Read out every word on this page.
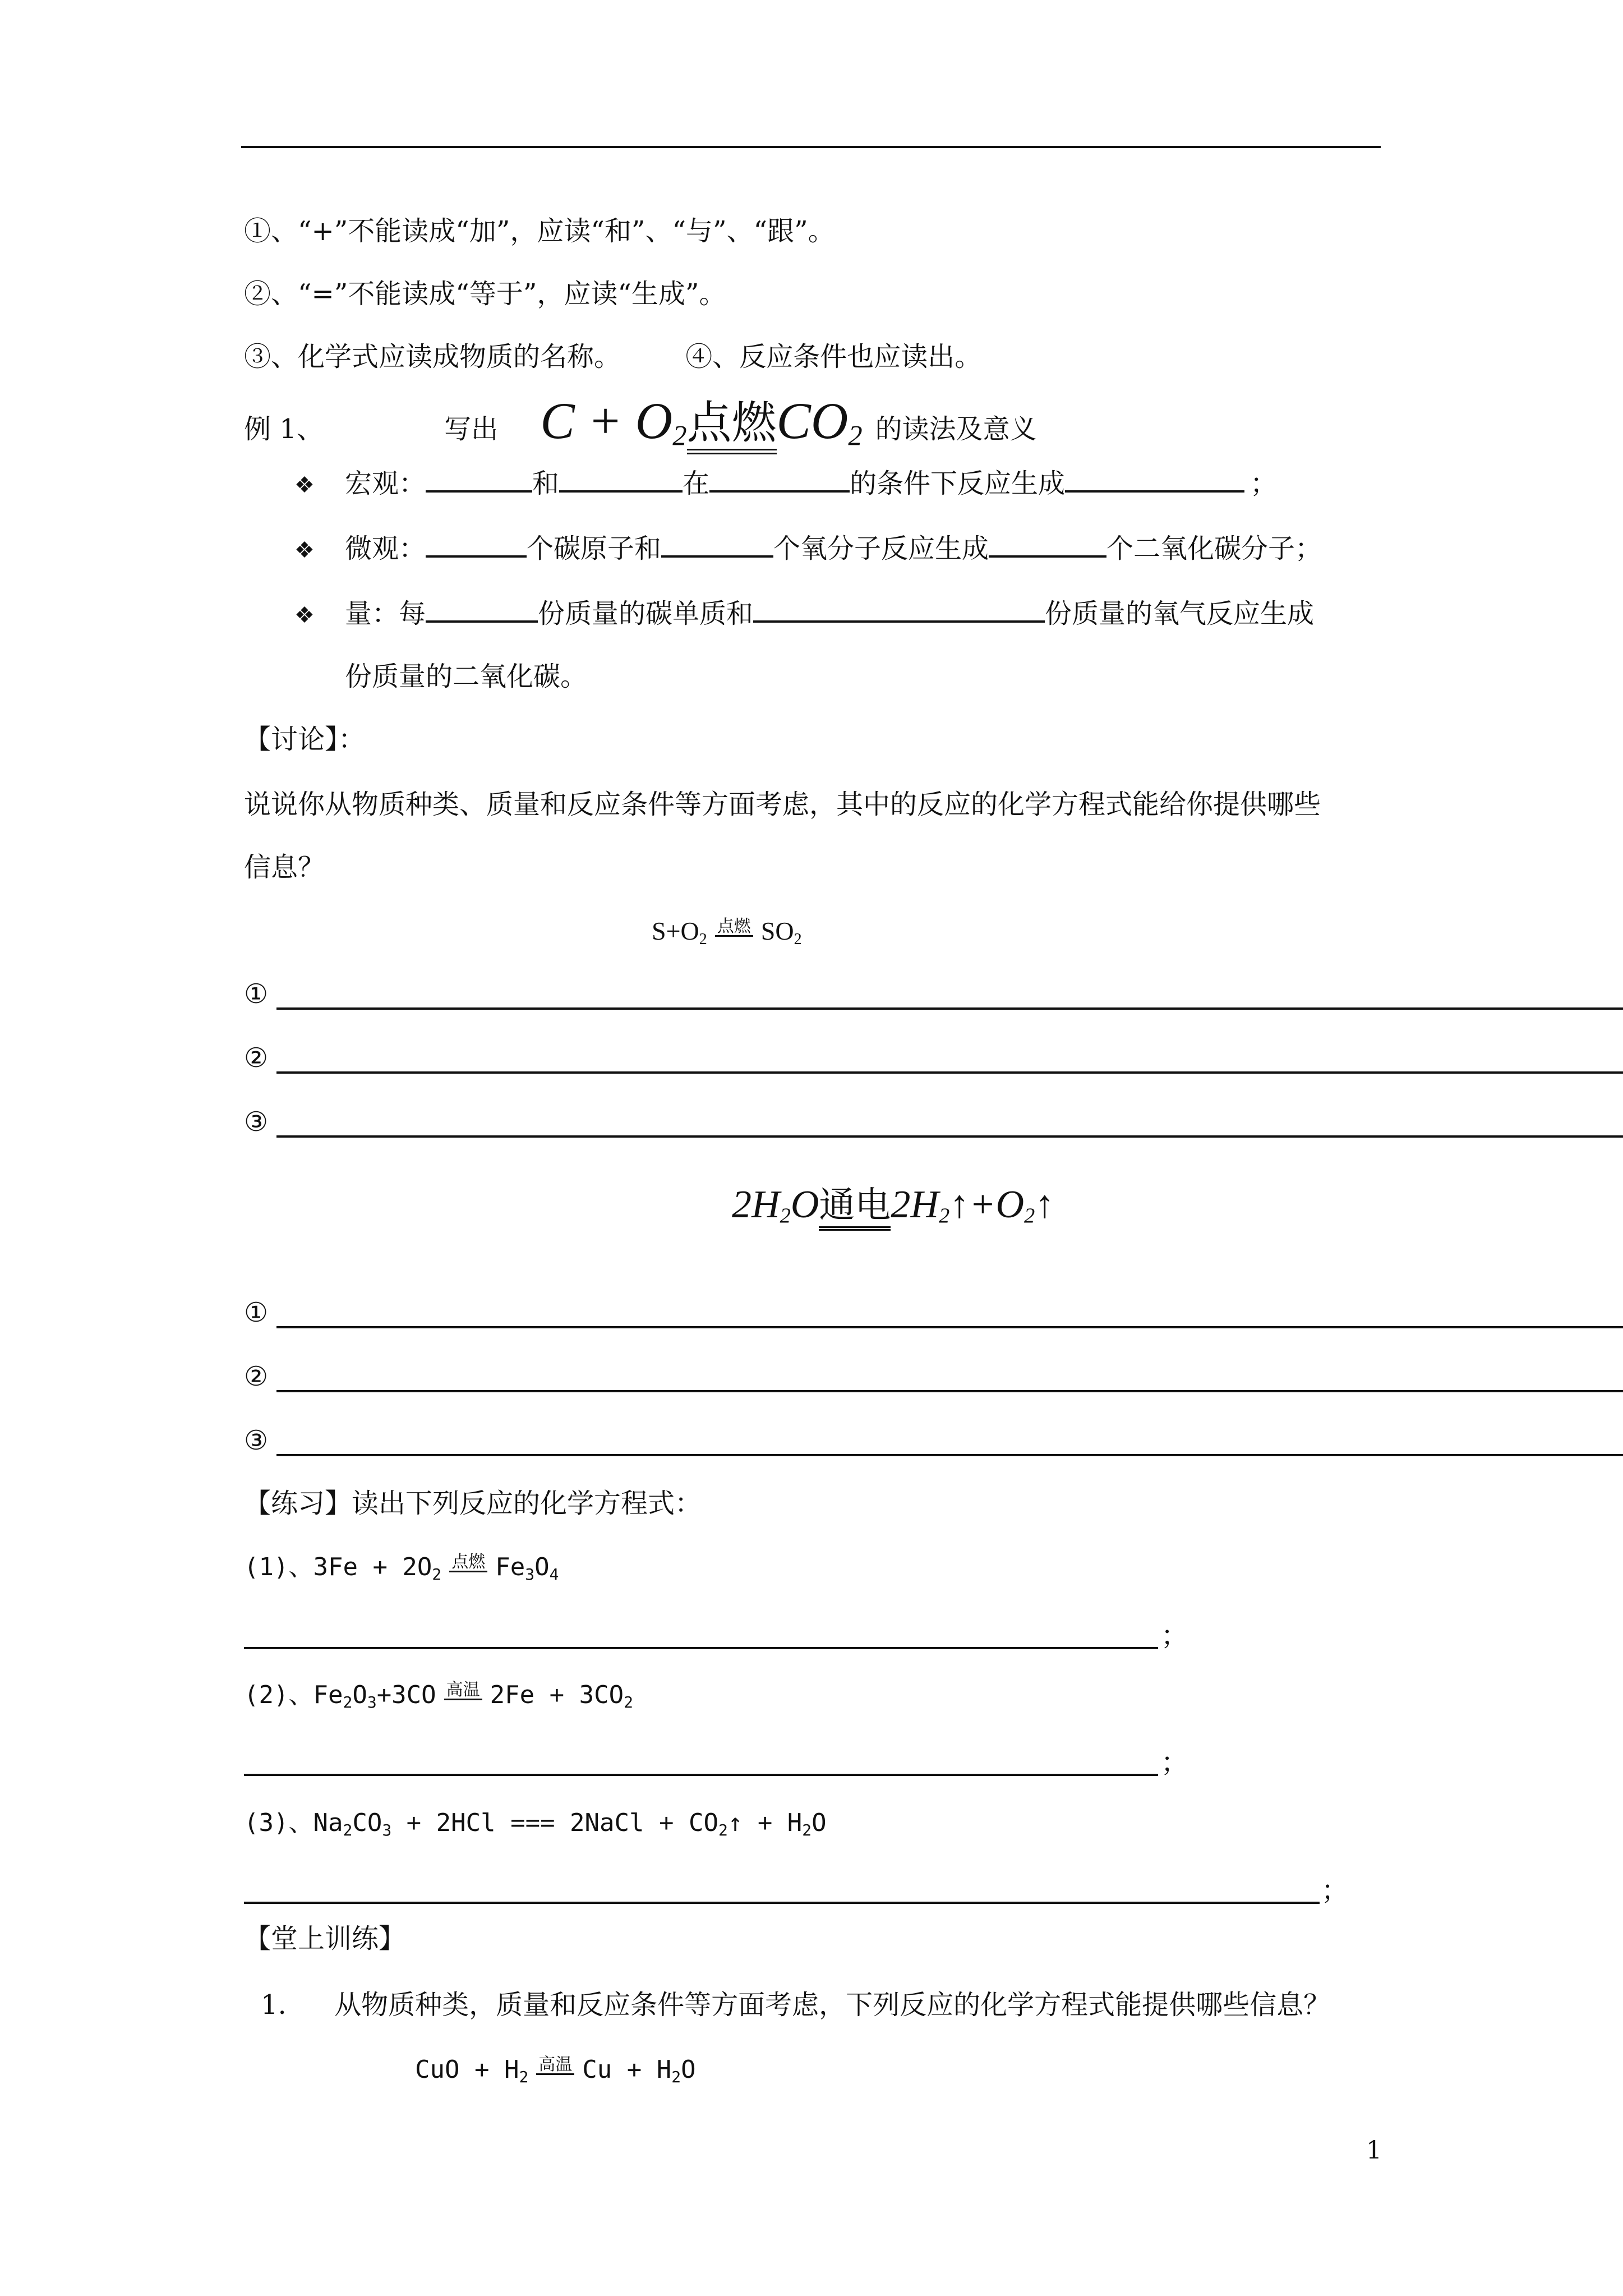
①、“+”不能读成“加”，应读“和”、“与”、“跟”。
②、“=”不能读成“等于”，应读“生成”。
③、化学式应读成物质的名称。 ④、反应条件也应读出。
例 1、	写出 $C + O_2$点燃$CO_2$ 的读法及意义
❖ 宏观：	和	在	的条件下反应生成	；
❖ 微观：	个碳原子和	个氧分子反应生成	个二氧化碳分子；
❖ 量：每	份质量的碳单质和	份质量的氧气反应生成
份质量的二氧化碳。
【讨论】：
说说你从物质种类、质量和反应条件等方面考虑，其中的反应的化学方程式能给你提供哪些
信息？
S+O2点燃 SO2
①
②
③
$2H_2O$通电$2H_2↑+O_2↑$
①
②
③
【练习】读出下列反应的化学方程式：
(1)、3Fe + 2O2点燃 Fe3O4
；
(2)、Fe2O3+3CO 高温 2Fe + 3CO2
；
(3)、Na2CO3 + 2HCl === 2NaCl + CO2↑ + H2O
；
【堂上训练】
1. 从物质种类，质量和反应条件等方面考虑，下列反应的化学方程式能提供哪些信息？
CuO + H2高温 Cu + H2O
1
